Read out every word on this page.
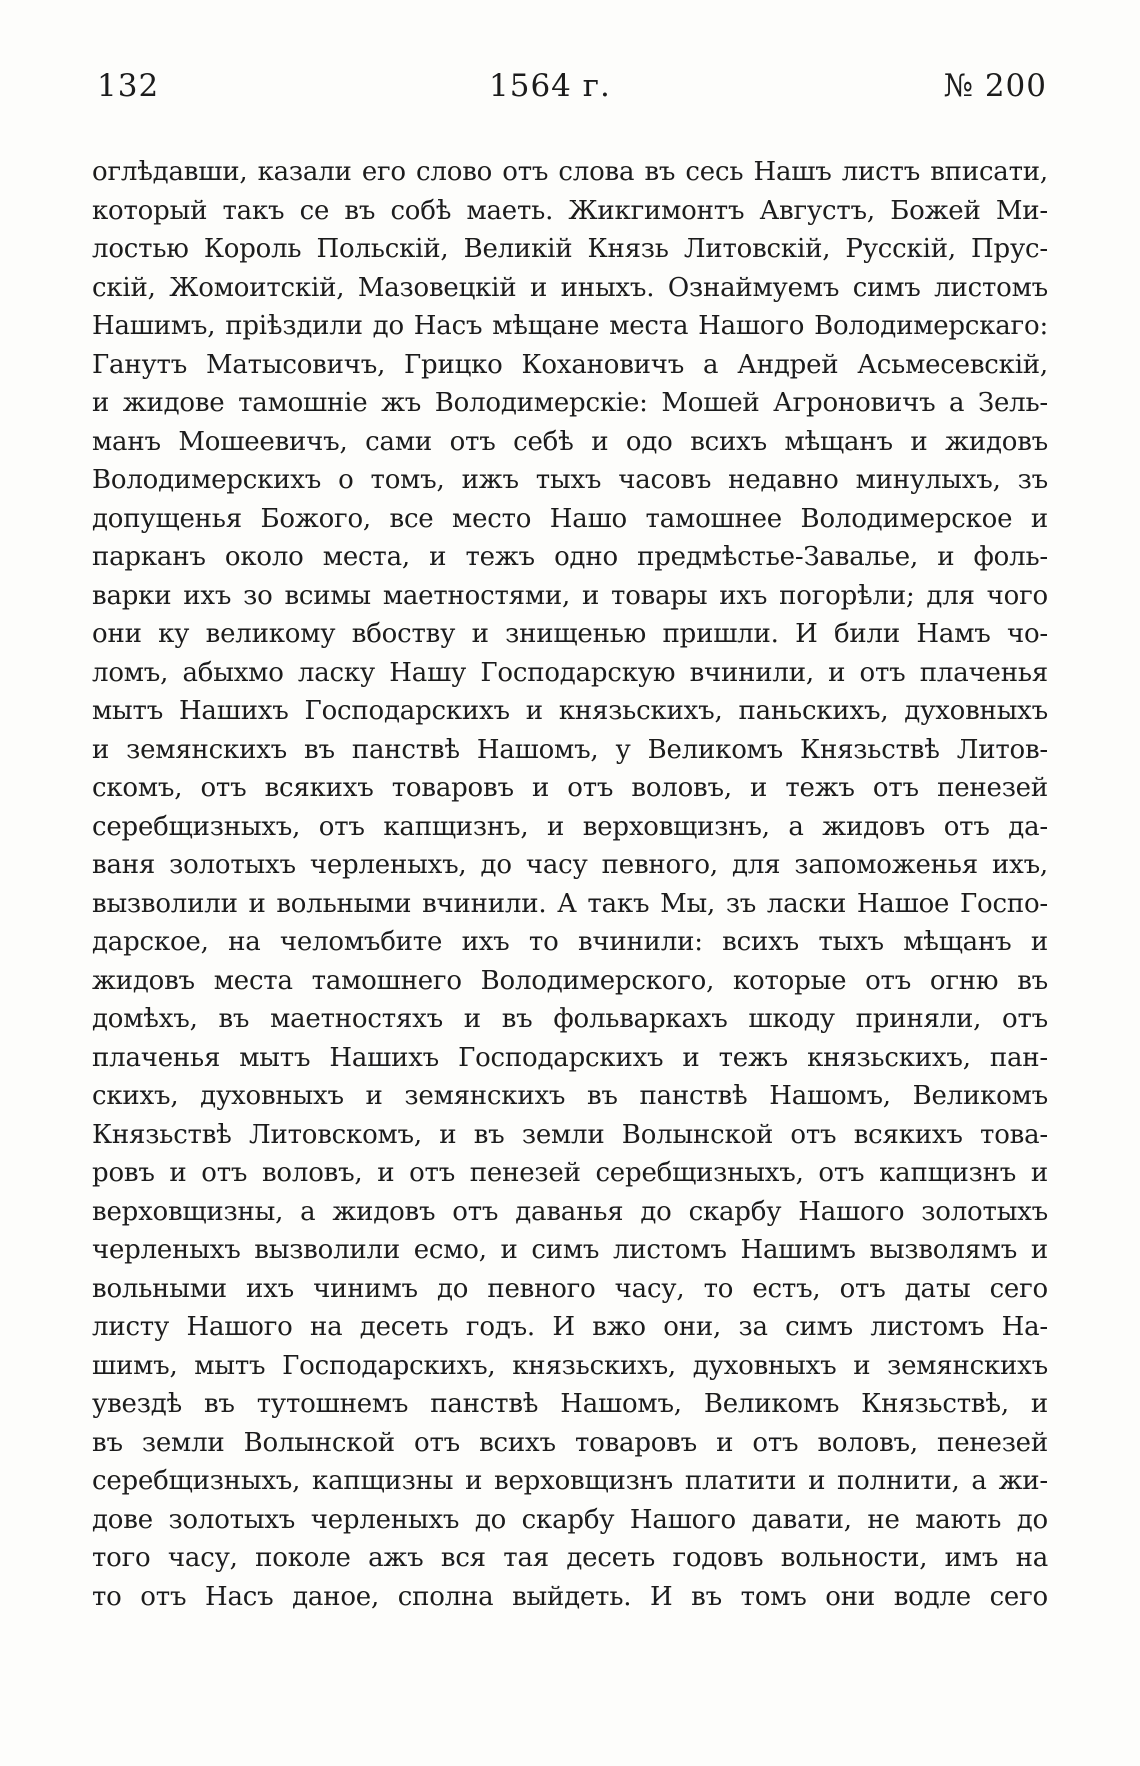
132	1564 г.	№ 200
оглѣдавши, казали его слово отъ слова въ сесь Нашъ листъ вписати,
который такъ се въ собѣ маеть. Жикгимонтъ Августъ, Божей Ми-
лостью Король Польскій, Великій Князь Литовскій, Русскій, Прус-
скій, Жомоитскій, Мазовецкій и иныхъ. Ознаймуемъ симъ листомъ
Нашимъ, прiѣздили до Насъ мѣщане места Нашого Володимерскаго:
Ганутъ Матысовичъ, Грицко Кохановичъ а Андрей Асьмесевскій,
и жидове тамошніе жъ Володимерскіе: Мошей Агроновичъ а Зель-
манъ Мошеевичъ, сами отъ себѣ и одо всихъ мѣщанъ и жидовъ
Володимерскихъ о томъ, ижъ тыхъ часовъ недавно минулыхъ, зъ
допущенья Божого, все место Нашо тамошнее Володимерское и
парканъ около места, и тежъ одно предмѣстье-Завалье, и фоль-
варки ихъ зо всимы маетностями, и товары ихъ погорѣли; для чого
они ку великому вбоству и знищенью пришли. И били Намъ чо-
ломъ, абыхмо ласку Нашу Господарскую вчинили, и отъ плаченья
мытъ Нашихъ Господарскихъ и князьскихъ, паньскихъ, духовныхъ
и земянскихъ въ панствѣ Нашомъ, у Великомъ Князьствѣ Литов-
скомъ, отъ всякихъ товаровъ и отъ воловъ, и тежъ отъ пенезей
серебщизныхъ, отъ капщизнъ, и верховщизнъ, а жидовъ отъ да-
ваня золотыхъ черленыхъ, до часу певного, для запоможенья ихъ,
вызволили и вольными вчинили. А такъ Мы, зъ ласки Нашое Госпо-
дарское, на челомъбите ихъ то вчинили: всихъ тыхъ мѣщанъ и
жидовъ места тамошнего Володимерского, которые отъ огню въ
домѣхъ, въ маетностяхъ и въ фольваркахъ шкоду приняли, отъ
плаченья мытъ Нашихъ Господарскихъ и тежъ князьскихъ, пан-
скихъ, духовныхъ и земянскихъ въ панствѣ Нашомъ, Великомъ
Князьствѣ Литовскомъ, и въ земли Волынской отъ всякихъ това-
ровъ и отъ воловъ, и отъ пенезей серебщизныхъ, отъ капщизнъ и
верховщизны, а жидовъ отъ даванья до скарбу Нашого золотыхъ
черленыхъ вызволили есмо, и симъ листомъ Нашимъ вызволямъ и
вольными ихъ чинимъ до певного часу, то естъ, отъ даты сего
листу Нашого на десеть годъ. И вжо они, за симъ листомъ На-
шимъ, мытъ Господарскихъ, князьскихъ, духовныхъ и земянскихъ
увездѣ въ тутошнемъ панствѣ Нашомъ, Великомъ Князьствѣ, и
въ земли Волынской отъ всихъ товаровъ и отъ воловъ, пенезей
серебщизныхъ, капщизны и верховщизнъ платити и полнити, а жи-
дове золотыхъ черленыхъ до скарбу Нашого давати, не мають до
того часу, поколе ажъ вся тая десеть годовъ вольности, имъ на
то отъ Насъ даное, сполна выйдеть. И въ томъ они водле сего
